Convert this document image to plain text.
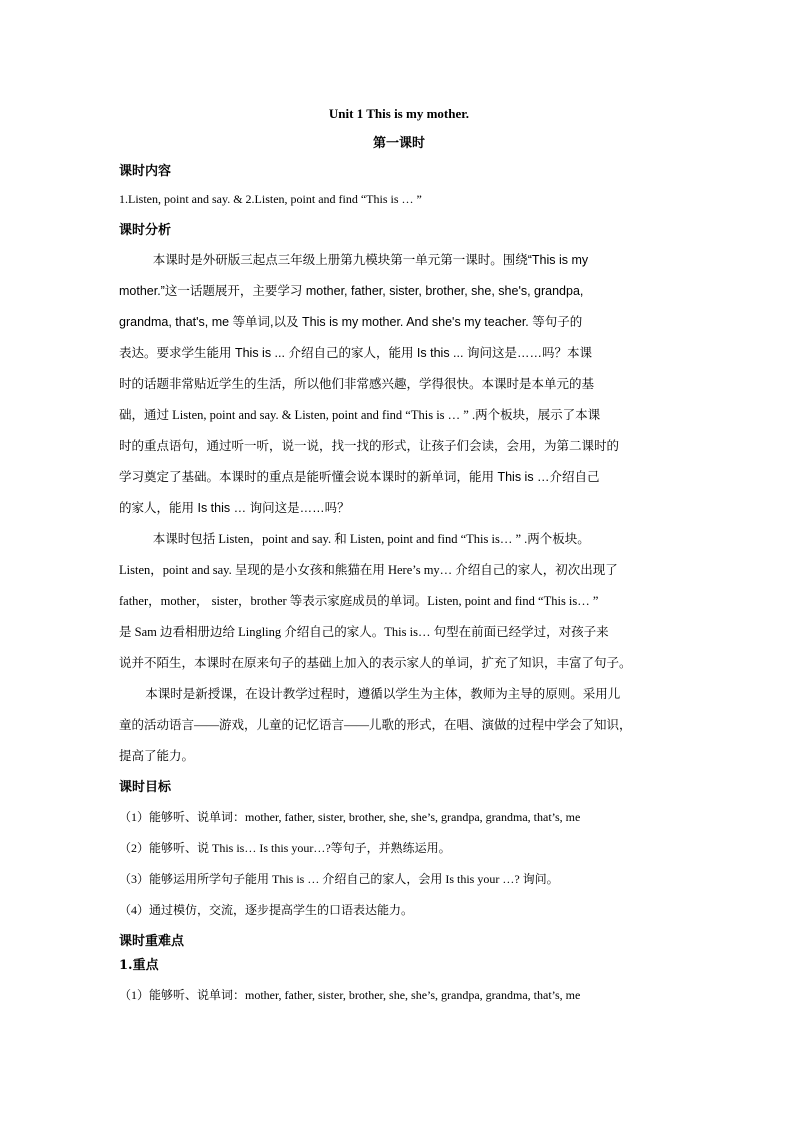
Unit 1 This is my mother.
第一课时
课时内容
1.Listen, point and say. & 2.Listen, point and find “This is … ”
课时分析
本课时是外研版三起点三年级上册第九模块第一单元第一课时。围绕“This is my
mother.”这一话题展开，主要学习 mother, father, sister, brother, she, she's, grandpa,
grandma, that's, me 等单词,以及 This is my mother. And she's my teacher. 等句子的
表达。要求学生能用 This is ... 介绍自己的家人，能用 Is this ... 询问这是……吗？本课
时的话题非常贴近学生的生活，所以他们非常感兴趣，学得很快。本课时是本单元的基
础，通过 Listen, point and say. & Listen, point and find “This is … ” .两个板块，展示了本课
时的重点语句，通过听一听，说一说，找一找的形式，让孩子们会读，会用，为第二课时的
学习奠定了基础。本课时的重点是能听懂会说本课时的新单词，能用 This is …介绍自己
的家人，能用 Is this … 询问这是……吗？
本课时包括 Listen，point and say. 和 Listen, point and find “This is… ” .两个板块。
Listen，point and say. 呈现的是小女孩和熊猫在用 Here’s my… 介绍自己的家人，初次出现了
father，mother， sister，brother 等表示家庭成员的单词。Listen, point and find “This is… ”
是 Sam 边看相册边给 Lingling 介绍自己的家人。This is… 句型在前面已经学过，对孩子来
说并不陌生，本课时在原来句子的基础上加入的表示家人的单词，扩充了知识，丰富了句子。
本课时是新授课，在设计教学过程时，遵循以学生为主体，教师为主导的原则。采用儿
童的活动语言——游戏，儿童的记忆语言——儿歌的形式，在唱、演做的过程中学会了知识，
提高了能力。
课时目标
（1）能够听、说单词：mother, father, sister, brother, she, she’s, grandpa, grandma, that’s, me
（2）能够听、说 This is… Is this your…?等句子，并熟练运用。
（3）能够运用所学句子能用 This is … 介绍自己的家人，会用 Is this your …? 询问。
（4）通过模仿，交流，逐步提高学生的口语表达能力。
课时重难点
1.重点
（1）能够听、说单词：mother, father, sister, brother, she, she’s, grandpa, grandma, that’s, me
